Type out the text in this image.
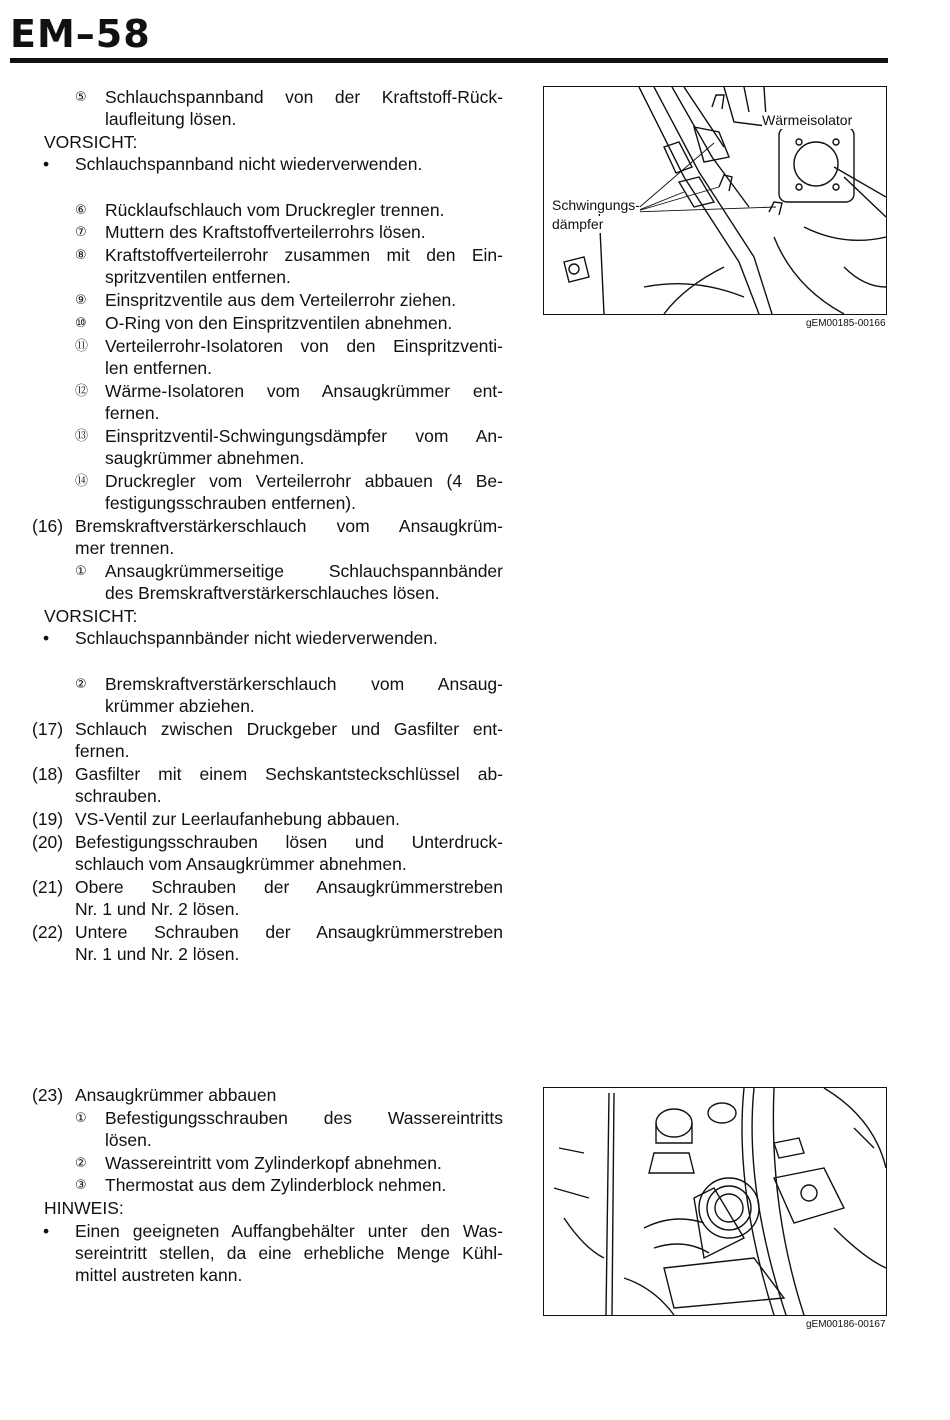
EM–58
⑤ Schlauchspannband von der Kraftstoff-Rück-
laufleitung lösen.
VORSICHT:
• Schlauchspannband nicht wiederverwenden.
⑥ Rücklaufschlauch vom Druckregler trennen.
⑦ Muttern des Kraftstoffverteilerrohrs lösen.
⑧ Kraftstoffverteilerrohr zusammen mit den Ein-
spritzventilen entfernen.
⑨ Einspritzventile aus dem Verteilerrohr ziehen.
⑩ O-Ring von den Einspritzventilen abnehmen.
⑪ Verteilerrohr-Isolatoren von den Einspritzventi-
len entfernen.
⑫ Wärme-Isolatoren vom Ansaugkrümmer ent-
fernen.
⑬ Einspritzventil-Schwingungsdämpfer vom An-
saugkrümmer abnehmen.
⑭ Druckregler vom Verteilerrohr abbauen (4 Be-
festigungsschrauben entfernen).
(16) Bremskraftverstärkerschlauch vom Ansaugkrüm-
mer trennen.
① Ansaugkrümmerseitige Schlauchspannbänder
des Bremskraftverstärkerschlauches lösen.
VORSICHT:
• Schlauchspannbänder nicht wiederverwenden.
② Bremskraftverstärkerschlauch vom Ansaug-
krümmer abziehen.
(17) Schlauch zwischen Druckgeber und Gasfilter ent-
fernen.
(18) Gasfilter mit einem Sechskantsteckschlüssel ab-
schrauben.
(19) VS-Ventil zur Leerlaufanhebung abbauen.
(20) Befestigungsschrauben lösen und Unterdruck-
schlauch vom Ansaugkrümmer abnehmen.
(21) Obere Schrauben der Ansaugkrümmerstreben
Nr. 1 und Nr. 2 lösen.
(22) Untere Schrauben der Ansaugkrümmerstreben
Nr. 1 und Nr. 2 lösen.
(23) Ansaugkrümmer abbauen
① Befestigungsschrauben des Wassereintritts
lösen.
② Wassereintritt vom Zylinderkopf abnehmen.
③ Thermostat aus dem Zylinderblock nehmen.
HINWEIS:
• Einen geeigneten Auffangbehälter unter den Was-
sereintritt stellen, da eine erhebliche Menge Kühl-
mittel austreten kann.
Wärmeisolator
Schwingungs-
dämpfer
gEM00185-00166
gEM00186-00167
